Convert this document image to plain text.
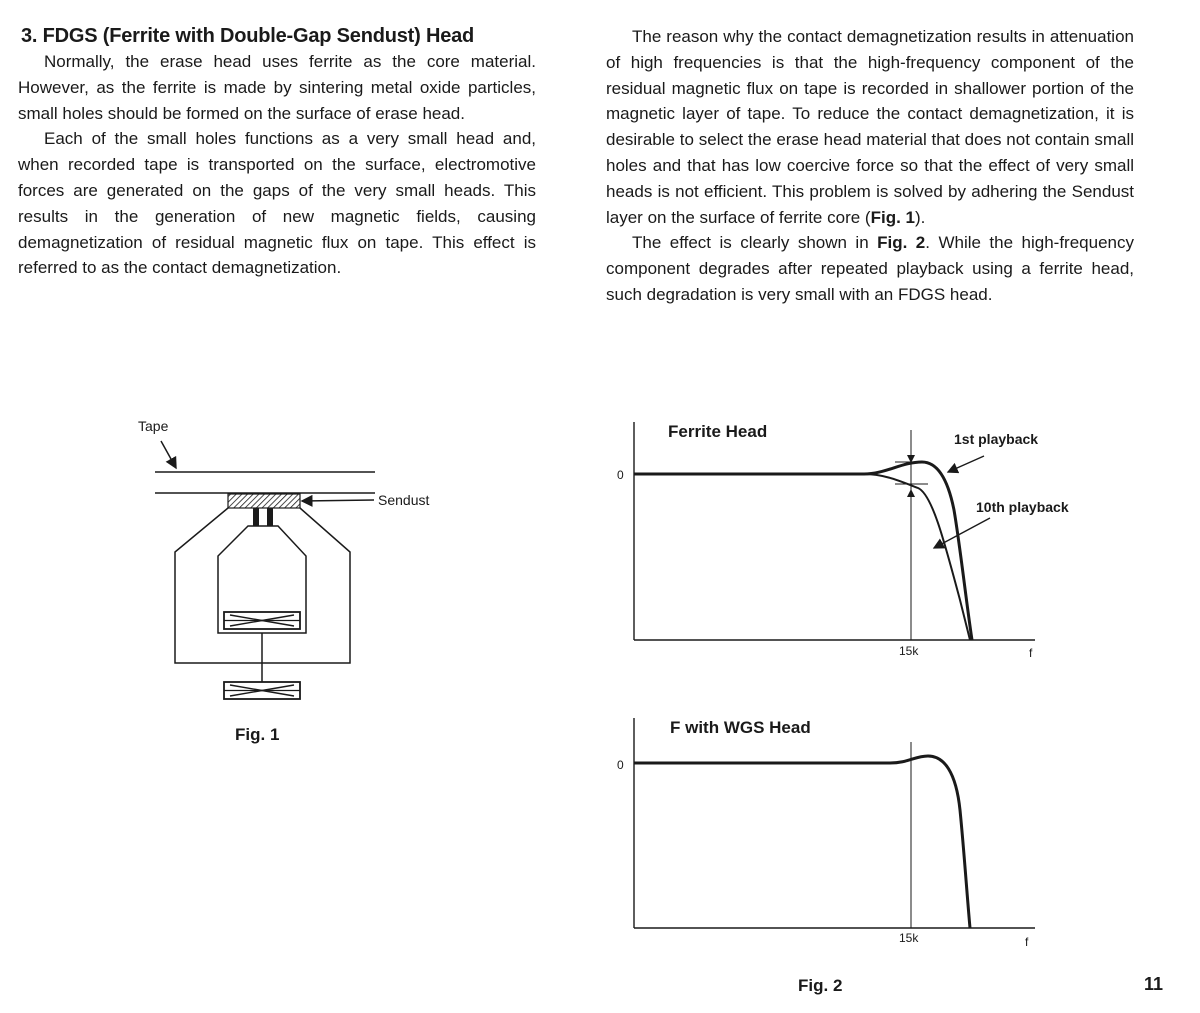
3. FDGS (Ferrite with Double-Gap Sendust) Head

Normally, the erase head uses ferrite as the core material. However, as the ferrite is made by sintering metal oxide particles, small holes should be formed on the surface of erase head.

Each of the small holes functions as a very small head and, when recorded tape is transported on the surface, electromotive forces are generated on the gaps of the very small heads. This results in the generation of new magnetic fields, causing demagnetization of residual magnetic flux on tape. This effect is referred to as the contact demagnetization.

The reason why the contact demagnetization results in attenuation of high frequencies is that the high-frequency component of the residual magnetic flux on tape is recorded in shallower portion of the magnetic layer of tape. To reduce the contact demagnetization, it is desirable to select the erase head material that does not contain small holes and that has low coercive force so that the effect of very small heads is not efficient. This problem is solved by adhering the Sendust layer on the surface of ferrite core (Fig. 1).

The effect is clearly shown in Fig. 2. While the high-frequency component degrades after repeated playback using a ferrite head, such degradation is very small with an FDGS head.

Tape
Sendust
Fig. 1
Ferrite Head
0
1st playback
10th playback
15k	f
F with WGS Head
0
15k	f
Fig. 2	11
